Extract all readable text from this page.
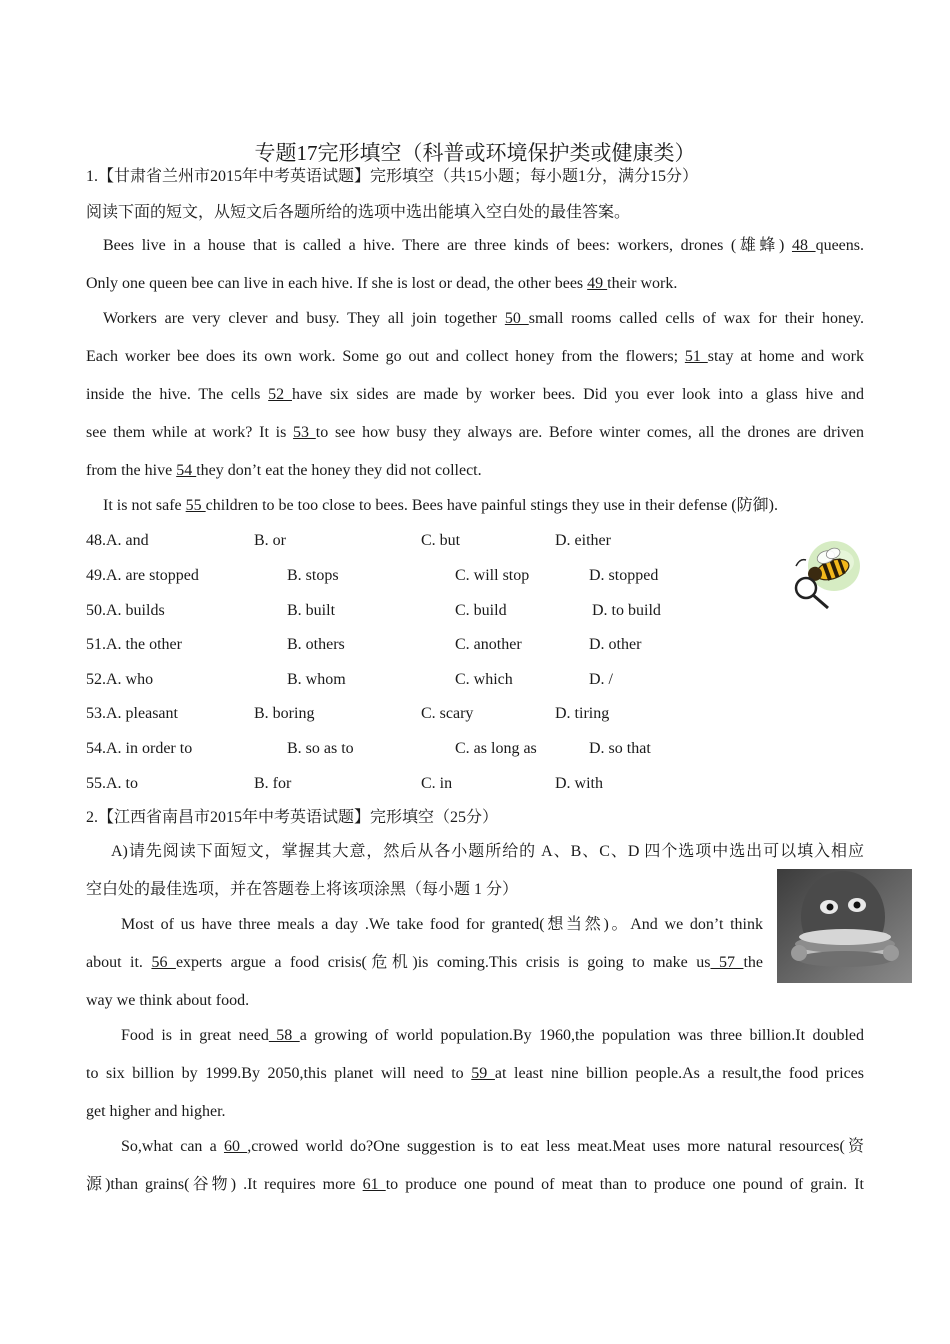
专题17完形填空（科普或环境保护类或健康类）
1.【甘肃省兰州市2015年中考英语试题】完形填空（共15小题；每小题1分，满分15分）
阅读下面的短文，从短文后各题所给的选项中选出能填入空白处的最佳答案。
Bees live in a house that is called a hive. There are three kinds of bees: workers, drones (雄蜂) 48 queens.
Only one queen bee can live in each hive. If she is lost or dead, the other bees 49 their work.
Workers are very clever and busy. They all join together 50 small rooms called cells of wax for their honey.
Each worker bee does its own work. Some go out and collect honey from the flowers; 51 stay at home and work
inside the hive. The cells 52 have six sides are made by worker bees. Did you ever look into a glass hive and
see them while at work? It is 53 to see how busy they always are. Before winter comes, all the drones are driven
from the hive 54 they don’t eat the honey they did not collect.
It is not safe 55 children to be too close to bees. Bees have painful stings they use in their defense (防御).
48.A. and	B. or	C. but	D. either
49.A. are stopped	B. stops	C. will stop	D. stopped
50.A. builds	B. built	C. build	D. to build
51.A. the other	B. others	C. another	D. other
52.A. who	B. whom	C. which	D. /
53.A. pleasant	B. boring	C. scary	D. tiring
54.A. in order to	B. so as to	C. as long as	D. so that
55.A. to	B. for	C. in	D. with
2.【江西省南昌市2015年中考英语试题】完形填空（25分）
A)请先阅读下面短文，掌握其大意，然后从各小题所给的 A、B、C、D 四个选项中选出可以填入相应
空白处的最佳选项，并在答题卷上将该项涂黑（每小题 1 分）
Most of us have three meals a day .We take food for granted(想当然)。And we don’t think
about it. 56 experts argue a food crisis(危机)is coming.This crisis is going to make us 57 the
way we think about food.
Food is in great need 58 a growing of world population.By 1960,the population was three billion.It doubled
to six billion by 1999.By 2050,this planet will need to 59 at least nine billion people.As a result,the food prices
get higher and higher.
So,what can a 60 ,crowed world do?One suggestion is to eat less meat.Meat uses more natural resources(资
源)than grains(谷物) .It requires more 61 to produce one pound of meat than to produce one pound of grain. It
